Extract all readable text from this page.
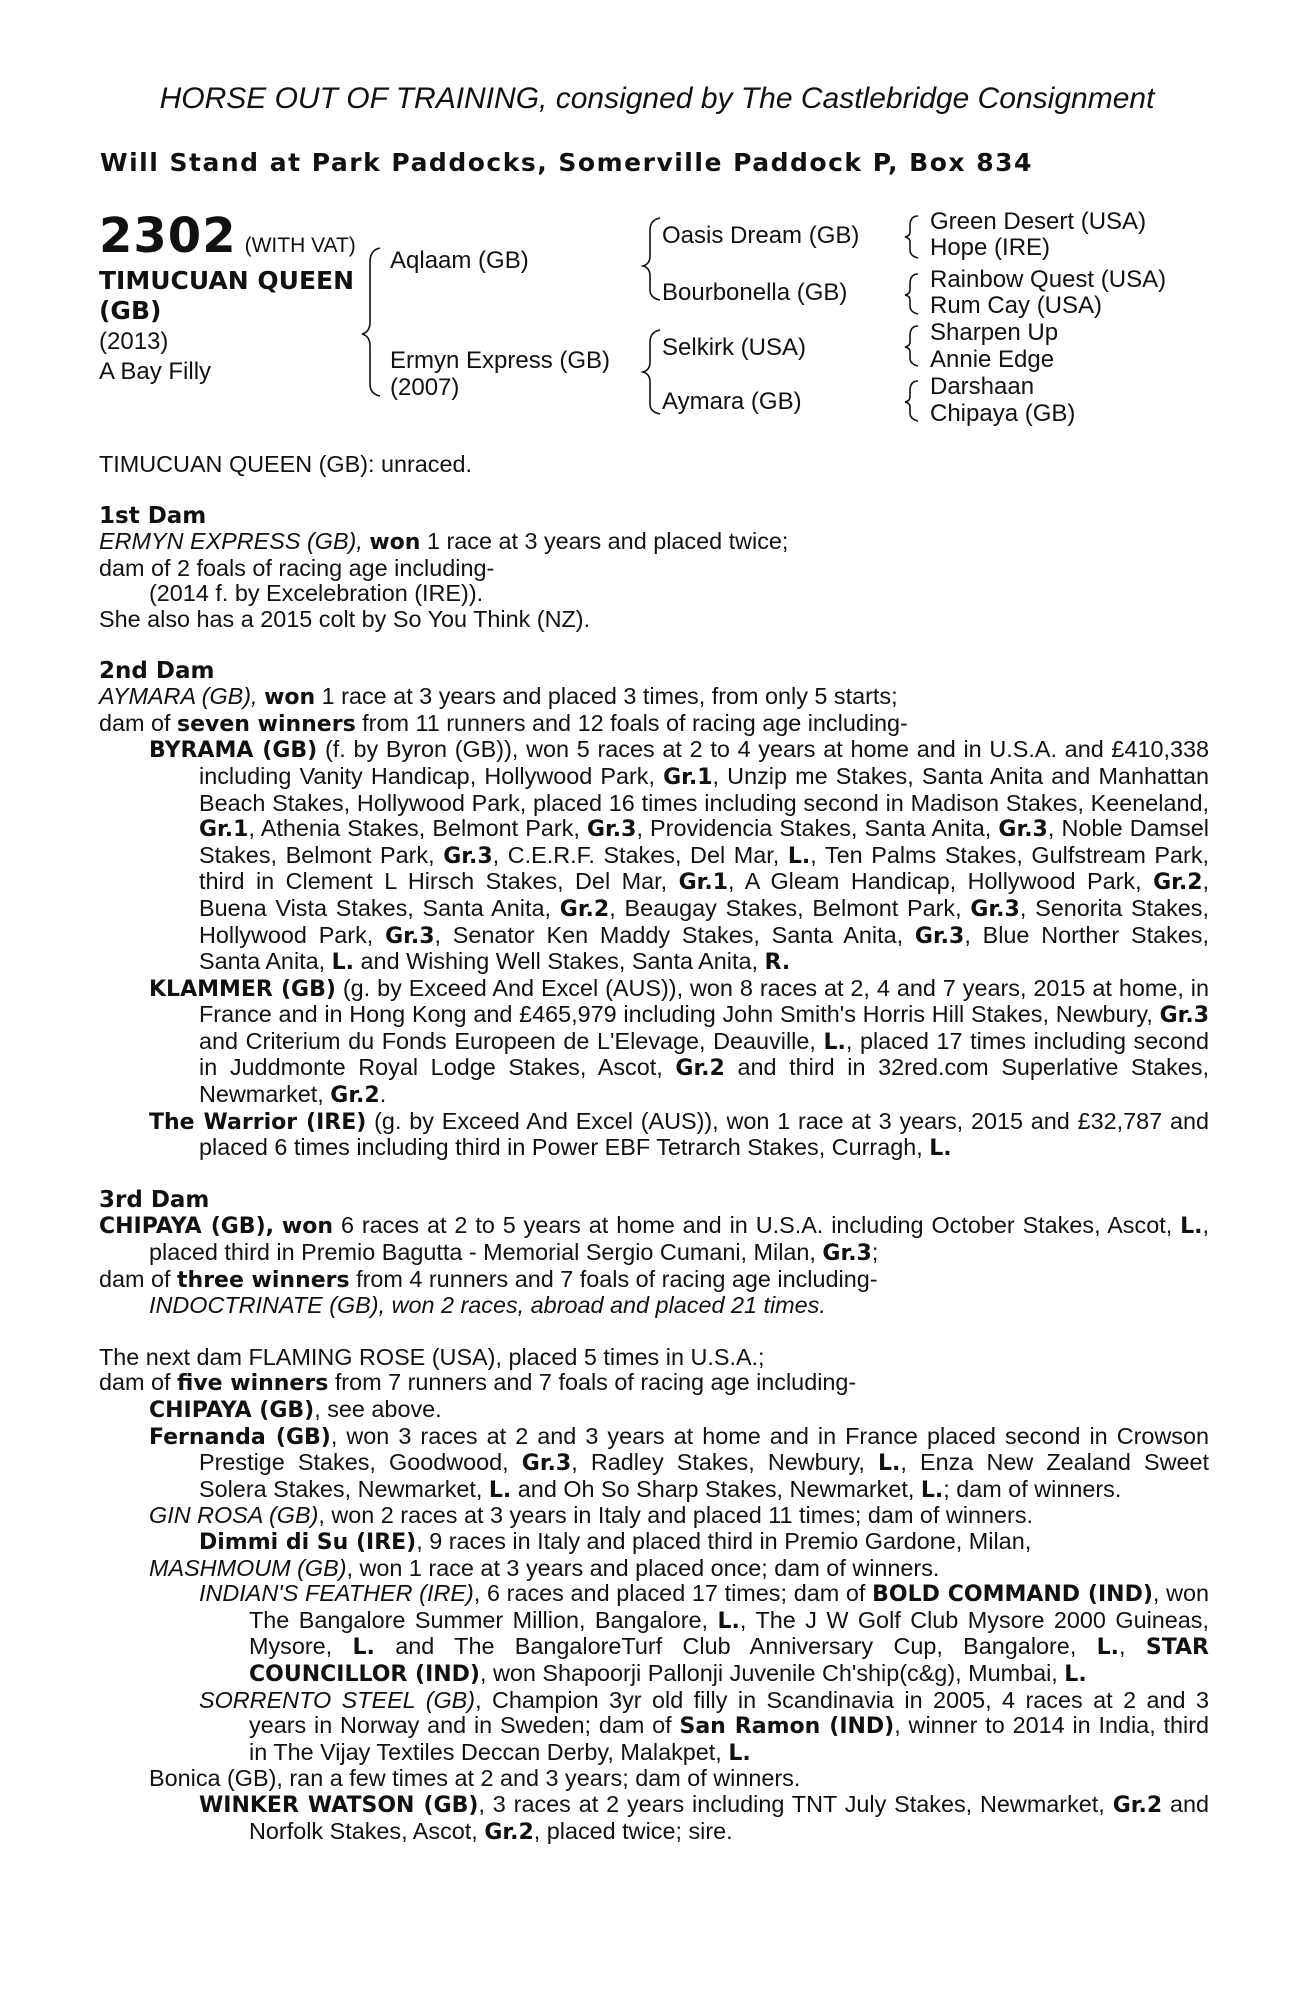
HORSE OUT OF TRAINING, consigned by The Castlebridge Consignment
Will Stand at Park Paddocks, Somerville Paddock P, Box 834
2302 (WITH VAT)
TIMUCUAN QUEEN (GB)
(2013)
A Bay Filly
Aqlaam (GB)
Ermyn Express (GB)
(2007)
Oasis Dream (GB)
Bourbonella (GB)
Selkirk (USA)
Aymara (GB)
Green Desert (USA)
Hope (IRE)
Rainbow Quest (USA)
Rum Cay (USA)
Sharpen Up
Annie Edge
Darshaan
Chipaya (GB)

TIMUCUAN QUEEN (GB): unraced.

1st Dam

ERMYN EXPRESS (GB), won 1 race at 3 years and placed twice;

dam of 2 foals of racing age including-

(2014 f. by Excelebration (IRE)).

She also has a 2015 colt by So You Think (NZ).

2nd Dam

AYMARA (GB), won 1 race at 3 years and placed 3 times, from only 5 starts;

dam of seven winners from 11 runners and 12 foals of racing age including-

BYRAMA (GB) (f. by Byron (GB)), won 5 races at 2 to 4 years at home and in U.S.A. and £410,338 including Vanity Handicap, Hollywood Park, Gr.1, Unzip me Stakes, Santa Anita and Manhattan Beach Stakes, Hollywood Park, placed 16 times including second in Madison Stakes, Keeneland, Gr.1, Athenia Stakes, Belmont Park, Gr.3, Providencia Stakes, Santa Anita, Gr.3, Noble Damsel Stakes, Belmont Park, Gr.3, C.E.R.F. Stakes, Del Mar, L., Ten Palms Stakes, Gulfstream Park, third in Clement L Hirsch Stakes, Del Mar, Gr.1, A Gleam Handicap, Hollywood Park, Gr.2, Buena Vista Stakes, Santa Anita, Gr.2, Beaugay Stakes, Belmont Park, Gr.3, Senorita Stakes, Hollywood Park, Gr.3, Senator Ken Maddy Stakes, Santa Anita, Gr.3, Blue Norther Stakes, Santa Anita, L. and Wishing Well Stakes, Santa Anita, R.

KLAMMER (GB) (g. by Exceed And Excel (AUS)), won 8 races at 2, 4 and 7 years, 2015 at home, in France and in Hong Kong and £465,979 including John Smith's Horris Hill Stakes, Newbury, Gr.3 and Criterium du Fonds Europeen de L'Elevage, Deauville, L., placed 17 times including second in Juddmonte Royal Lodge Stakes, Ascot, Gr.2 and third in 32red.com Superlative Stakes, Newmarket, Gr.2.

The Warrior (IRE) (g. by Exceed And Excel (AUS)), won 1 race at 3 years, 2015 and £32,787 and placed 6 times including third in Power EBF Tetrarch Stakes, Curragh, L.

3rd Dam

CHIPAYA (GB), won 6 races at 2 to 5 years at home and in U.S.A. including October Stakes, Ascot, L., placed third in Premio Bagutta - Memorial Sergio Cumani, Milan, Gr.3;

dam of three winners from 4 runners and 7 foals of racing age including-

INDOCTRINATE (GB), won 2 races, abroad and placed 21 times.

The next dam FLAMING ROSE (USA), placed 5 times in U.S.A.;

dam of five winners from 7 runners and 7 foals of racing age including-

CHIPAYA (GB), see above.

Fernanda (GB), won 3 races at 2 and 3 years at home and in France placed second in Crowson Prestige Stakes, Goodwood, Gr.3, Radley Stakes, Newbury, L., Enza New Zealand Sweet Solera Stakes, Newmarket, L. and Oh So Sharp Stakes, Newmarket, L.; dam of winners.

GIN ROSA (GB), won 2 races at 3 years in Italy and placed 11 times; dam of winners.

Dimmi di Su (IRE), 9 races in Italy and placed third in Premio Gardone, Milan,

MASHMOUM (GB), won 1 race at 3 years and placed once; dam of winners.

INDIAN'S FEATHER (IRE), 6 races and placed 17 times; dam of BOLD COMMAND (IND), won The Bangalore Summer Million, Bangalore, L., The J W Golf Club Mysore 2000 Guineas, Mysore, L. and The BangaloreTurf Club Anniversary Cup, Bangalore, L., STAR COUNCILLOR (IND), won Shapoorji Pallonji Juvenile Ch'ship(c&g), Mumbai, L.

SORRENTO STEEL (GB), Champion 3yr old filly in Scandinavia in 2005, 4 races at 2 and 3 years in Norway and in Sweden; dam of San Ramon (IND), winner to 2014 in India, third in The Vijay Textiles Deccan Derby, Malakpet, L.

Bonica (GB), ran a few times at 2 and 3 years; dam of winners.

WINKER WATSON (GB), 3 races at 2 years including TNT July Stakes, Newmarket, Gr.2 and Norfolk Stakes, Ascot, Gr.2, placed twice; sire.
